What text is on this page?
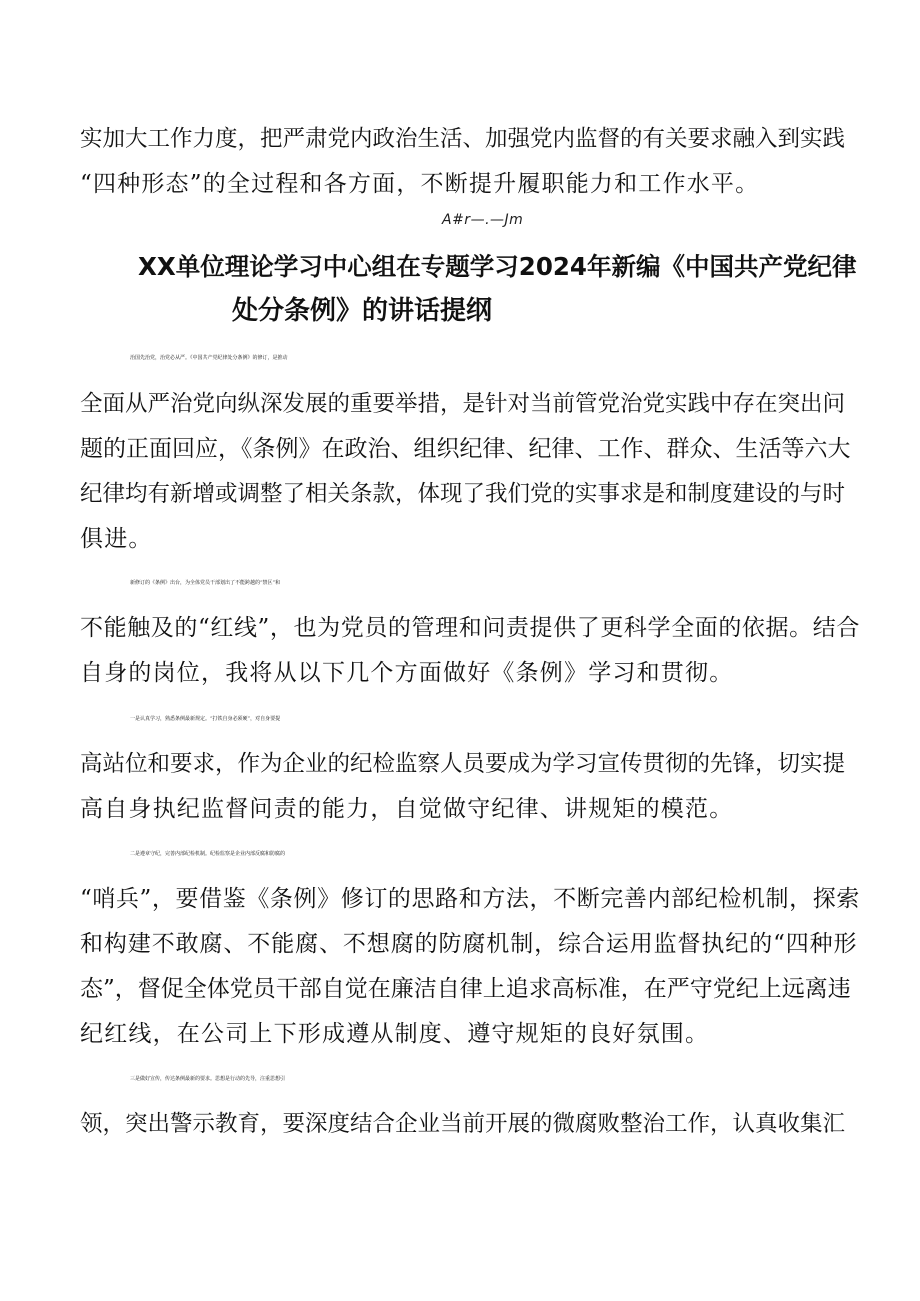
实加大工作力度，把严肃党内政治生活、加强党内监督的有关要求融入到实践
“四种形态”的全过程和各方面，不断提升履职能力和工作水平。
A#r—.—Jm
XX单位理论学习中心组在专题学习2024年新编《中国共产党纪律
处分条例》的讲话提纲
治国先治党，治党必从严。《中国共产党纪律处分条例》的修订，是推动
全面从严治党向纵深发展的重要举措，是针对当前管党治党实践中存在突出问
题的正面回应，《条例》在政治、组织纪律、纪律、工作、群众、生活等六大
纪律均有新增或调整了相关条款，体现了我们党的实事求是和制度建设的与时
俱进。
新修订的《条例》出台，为全体党员干部划出了不能跨越的“禁区”和
不能触及的“红线”，也为党员的管理和问责提供了更科学全面的依据。结合
自身的岗位，我将从以下几个方面做好《条例》学习和贯彻。
一是认真学习，熟悉条例最新规定。“打铁自身必须硬”，对自身要提
高站位和要求，作为企业的纪检监察人员要成为学习宣传贯彻的先锋，切实提
高自身执纪监督问责的能力，自觉做守纪律、讲规矩的模范。
二是遵章守纪，完善内部纪检机制。纪检监察是企业内部反腐和防腐的
“哨兵”，要借鉴《条例》修订的思路和方法，不断完善内部纪检机制，探索
和构建不敢腐、不能腐、不想腐的防腐机制，综合运用监督执纪的“四种形
态”，督促全体党员干部自觉在廉洁自律上追求高标准，在严守党纪上远离违
纪红线，在公司上下形成遵从制度、遵守规矩的良好氛围。
三是做好宣传，传达条例最新的要求。思想是行动的先导，注重思想引
领，突出警示教育，要深度结合企业当前开展的微腐败整治工作，认真收集汇
